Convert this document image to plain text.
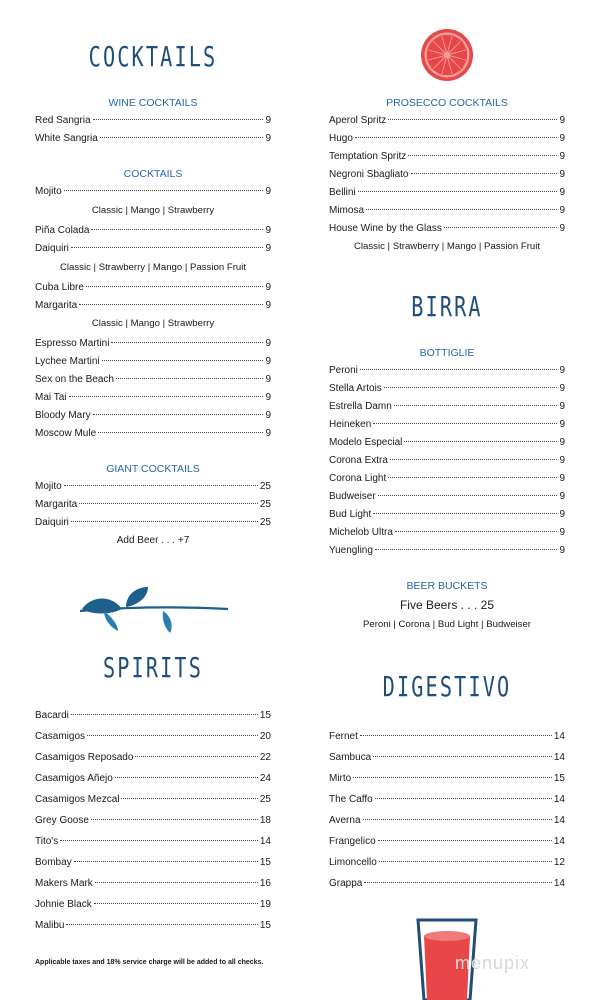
COCKTAILS
WINE COCKTAILS
Red Sangria	9
White Sangria	9
COCKTAILS
Mojito	9
Classic | Mango | Strawberry
Piña Colada	9
Daiquiri	9
Classic | Strawberry | Mango | Passion Fruit
Cuba Libre	9
Margarita	9
Classic | Mango | Strawberry
Espresso Martini	9
Lychee Martini	9
Sex on the Beach	9
Mai Tai	9
Bloody Mary	9
Moscow Mule	9
GIANT COCKTAILS
Mojito	25
Margarita	25
Daiquiri	25
Add Beer . . . +7
SPIRITS
Bacardi	15
Casamigos	20
Casamigos Reposado	22
Casamigos Añejo	24
Casamigos Mezcal	25
Grey Goose	18
Tito's	14
Bombay	15
Makers Mark	16
Johnie Black	19
Malibu	15
Applicable taxes and 18% service charge will be added to all checks.
PROSECCO COCKTAILS
Aperol Spritz	9
Hugo	9
Temptation Spritz	9
Negroni Sbagliato	9
Bellini	9
Mimosa	9
House Wine by the Glass	9
Classic | Strawberry | Mango | Passion Fruit
BIRRA
BOTTIGLIE
Peroni	9
Stella Artois	9
Estrella Damn	9
Heineken	9
Modelo Especial	9
Corona Extra	9
Corona Light	9
Budweiser	9
Bud Light	9
Michelob Ultra	9
Yuengling	9
BEER BUCKETS
Five Beers . . . 25
Peroni | Corona | Bud Light | Budweiser
DIGESTIVO
Fernet	14
Sambuca	14
Mirto	15
The Caffo	14
Averna	14
Frangelico	14
Limoncello	12
Grappa	14
menupix
